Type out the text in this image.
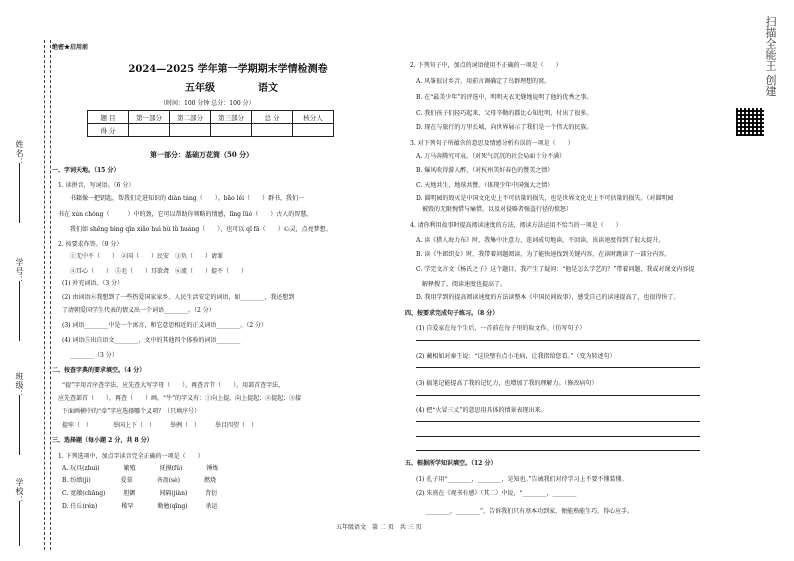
绝密★启用前
姓名：
学号：
班级：
学校：
2024—2025 学年第一学期期末学情检测卷
五年级	语文
（时间：100 分钟 总分：100 分）
题 目	第一部分	第二部分	第三部分	总 分	核分人
得 分					
第一部分：基础万花筒（50 分）
一、字词天地。（15 分）
1. 读拼音，写词语。（6 分）
书籍像一把钥匙，帮我们走进知识的 diàn táng（　　）。bǎo lěi（　　）群书，我们一
书在 xún chóng（　　　）中的劲，它可以帮助你领略的情感，lǐng lüè（　　）古人的智慧。
我们如 shēng bìng qīn xiǎo huì hú lǜ huáng（　　），也可以 qǐ fā（　　）心灵，点亮梦想。
2. 按要求作答。（9 分）
①无中不（　　）　②国（　　）民安　③负（　　）请罪
④耳心（　　）　⑤毛（　　）耳欲聋　⑥流（　　）提不（　　）
(1) 补充词语。（3 分）
(2) 由词语⑥我想到了一些热爱国家家乡、人民生活安定的词语，如________，我还想到
了清朝爱国学生代表的情义出一个词语________。（2 分）
(3) 词语________中是一个寓言，和它意思相近的正义词语________。（2 分）
(4) 词语⑤出自语文________，文中的其他四个体验的词语________
________（3 分）
二、按查字典的要求填空。（4 分）
“提”字用音序查字法，应先查大写字母（　　），再查音节（　　），用部首查字法，
应先查部首（　　），再查（　　）画。“牛”的字义有：①向上提，向上提起；②提起；③接
下面画横中的“牵”字应选择哪个义项？（只填序号）
提牢（　）　　　　举国上下（　）　　　举例（　）　　　举目四望（　）
三、选择题（每小题 2 分，共 8 分）
1. 下列选项中，加点字读音完全正确的一项是（　　）
A. 玩具(zhuì)　　　　繁殖　　　　抚摸(fǔ)　　　　锤炼
B. 纺绩(jì)　　　　　爱慕　　　　吝啬(sè)　　　　燃烧
C. 宽敞(chǎng)　　　胆颤　　　　间隔(jiàn)　　　背衍
D. 任丘(rén)　　　　稀罕　　　　勤勉(qīng)　　　杀运
2. 下列句子中，加点的词语使用不正确的一项是（　　）
A. 风筝很讨乡音，用前言调确定了鸟群理想的窝。
B. 在“最美少年”的评选中，明明天衣无缝地说明了他的优秀之事。
C. 我们孩子们轻巧起来，父母辛勤的都比心知肚明，付出了很多。
D. 现在与旅行的万里长城，向世界展示了我们是一个伟大的民族。
3. 对下列句子所蕴含的意思及情感分析有误的一项是（　　）
A. 万马奔腾究可哀。（对死气沉沉的社会局面十分不满）
B. 爆风吹得游人醉，（对杭州美好春色的赞美之情）
C. 天地共生，地球共赞。（体现少年中国强大之情）
D. 圆明园的毁灭是中国文化史上不可估量的损失，也是世界文化史上不可估量的损失。（对圆明园
被毁的无限惋惜与痛惜，以及对侵略者强盗行径的愤怒）
4. 请你利用故事时提高阅读速度的方法，阅读方法运用不恰当的一项是（　　）
A. 读《猎人海力布》时，我集中注意力，连词成句地读，不回读，该读速度得到了很大提升。
B. 读《牛郎织女》时，我带着问题阅读，为了能快速找到关键内容，在读时跳读了一部分内容。
C. 学完文言文《杨氏之子》这个题目，我产生了疑问：“他是怎么学艺的？”带着问题，我或对课文内容提
解释搜了，阅读速度也提高了。
D. 我用学到的提高阅读速度的方法读整本《中国民间故事》，感受自己的读速提高了，也很得快了。
四、按要求完成句子练习。（8 分）
(1) 自爱家在每个生后，一首前在每子里的取文作。（仿写句子）
(2) 蔺相如对秦王说：“这块璧有点小毛病，让我指给您看。”（变为转述句）
(3) 搞笔记能提高了我的记忆力，也增加了我的理解力。（修改病句）
(4) 把“火冒三丈”的意思用具体的情景表现出来。
五、根据所学知识填空。（12 分）
(1) 孔子用“________，________，是知也。”告诫我们对待学习上不要不懂装懂。
(2) 朱熹在《观书有感》（其二）中说，“________，________
________，________”，告诉我们只有基本功到家，便能熟能生巧，得心应手。
五年级语文　第 二 页　共 三 页
扫描全能王 创建
